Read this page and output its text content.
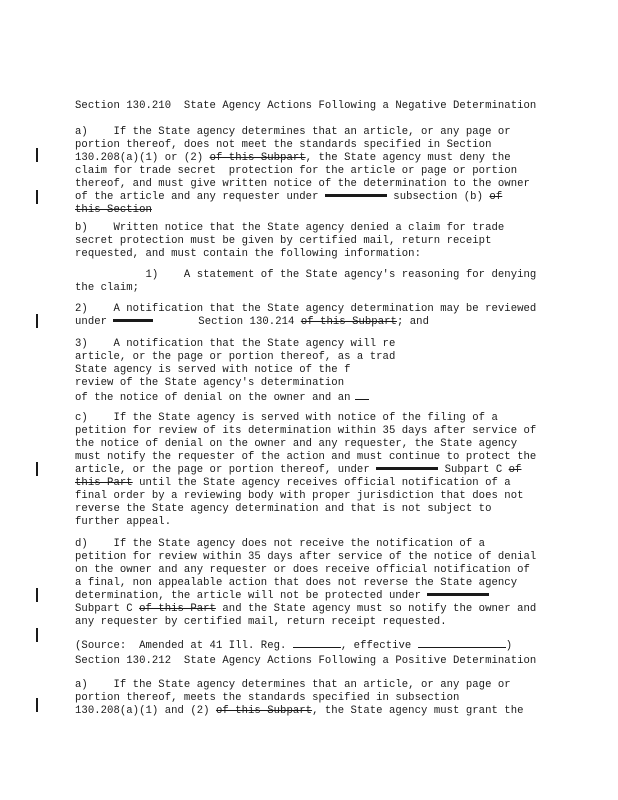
Section 130.210  State Agency Actions Following a Negative Determination
a)    If the State agency determines that an article, or any page or
portion thereof, does not meet the standards specified in Section
130.208(a)(1) or (2) of this Subpart, the State agency must deny the
claim for trade secret  protection for the article or page or portion
thereof, and must give written notice of the determination to the owner
of the article and any requester under	subsection (b) of
this Section
b)    Written notice that the State agency denied a claim for trade
secret protection must be given by certified mail, return receipt
requested, and must contain the following information:
1)    A statement of the State agency's reasoning for denying
the claim;
2)    A notification that the State agency determination may be reviewed
under	Section 130.214 of this Subpart; and
3)    A notification that the State agency will re
article, or the page or portion thereof, as a trad
State agency is served with notice of the f
review of the State agency's determination
of the notice of denial on the owner and an
c)    If the State agency is served with notice of the filing of a
petition for review of its determination within 35 days after service of
the notice of denial on the owner and any requester, the State agency
must notify the requester of the action and must continue to protect the
article, or the page or portion thereof, under	Subpart C of
this Part until the State agency receives official notification of a
final order by a reviewing body with proper jurisdiction that does not
reverse the State agency determination and that is not subject to
further appeal.
d)    If the State agency does not receive the notification of a
petition for review within 35 days after service of the notice of denial
on the owner and any requester or does receive official notification of
a final, non appealable action that does not reverse the State agency
determination, the article will not be protected under
Subpart C of this Part and the State agency must so notify the owner and
any requester by certified mail, return receipt requested.
(Source:  Amended at 41 Ill. Reg.	, effective	)
Section 130.212  State Agency Actions Following a Positive Determination
a)    If the State agency determines that an article, or any page or
portion thereof, meets the standards specified in subsection
130.208(a)(1) and (2) of this Subpart, the State agency must grant the
